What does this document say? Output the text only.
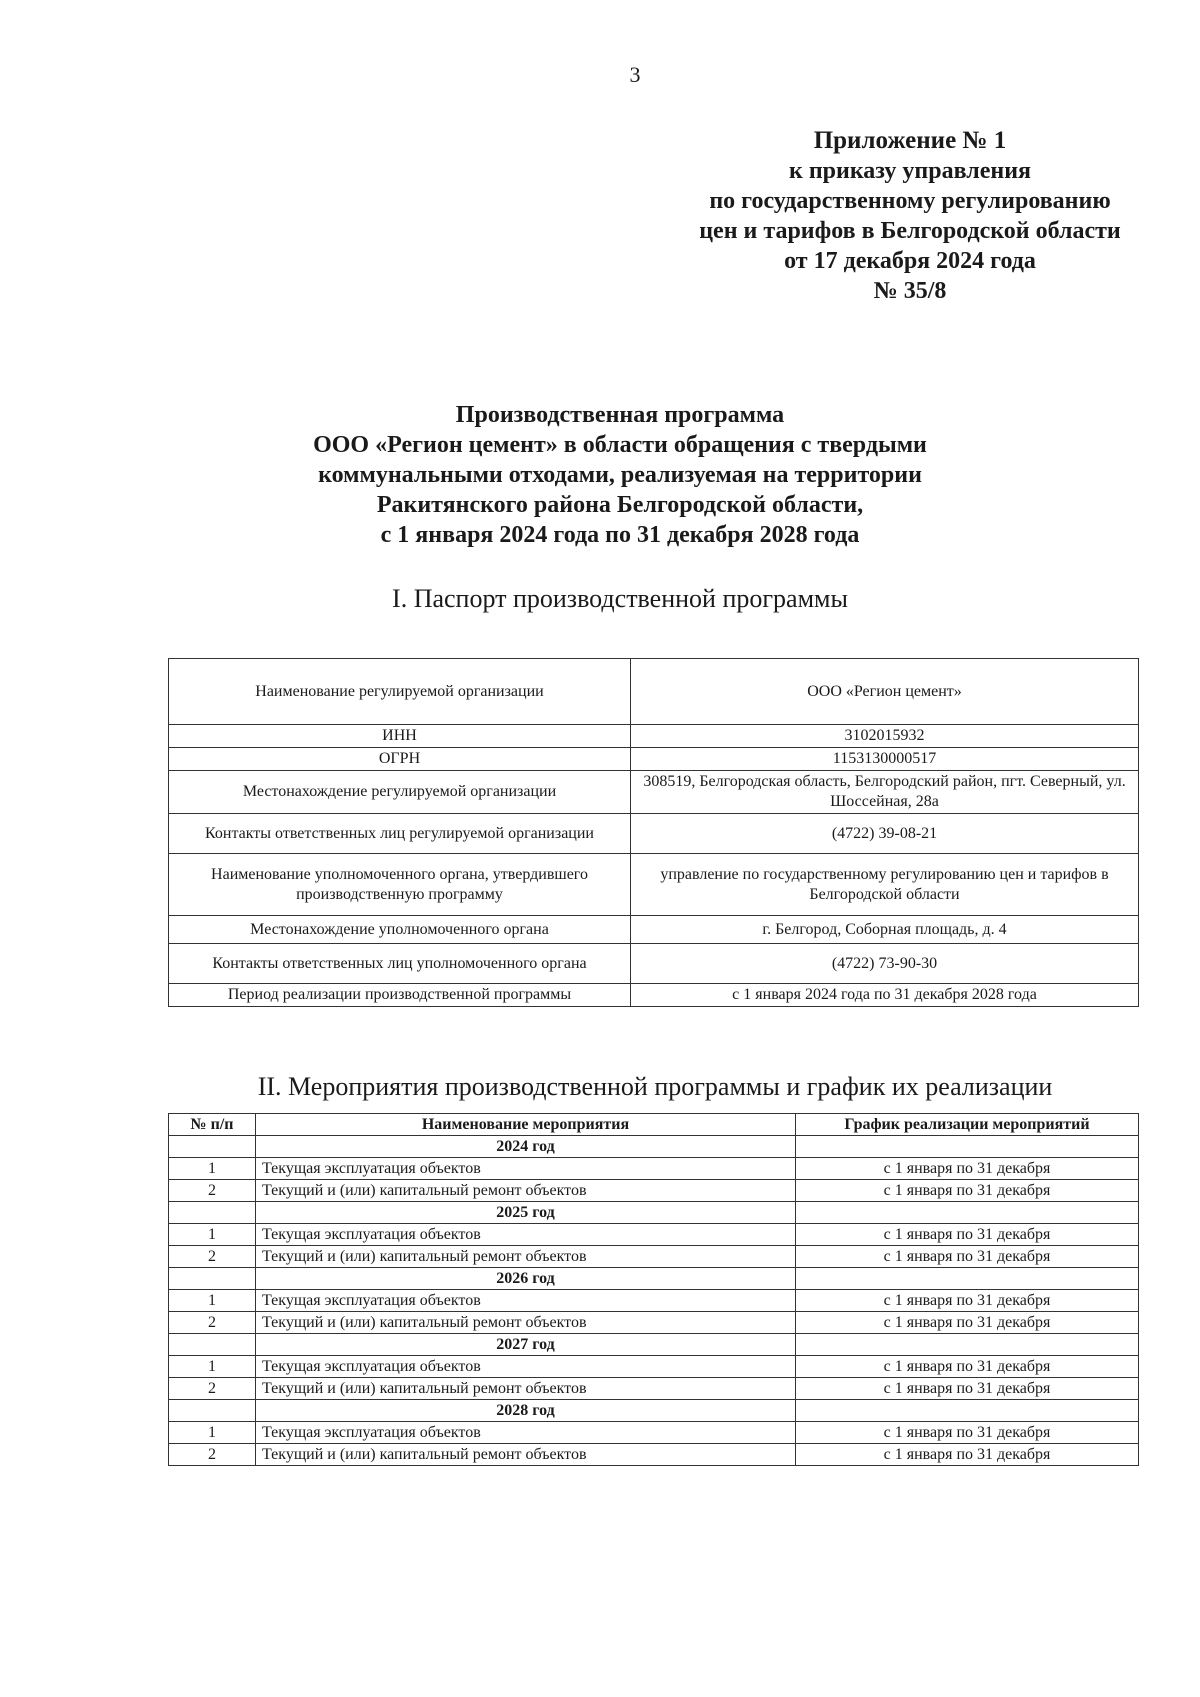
3
Приложение № 1
к приказу управления
по государственному регулированию
цен и тарифов в Белгородской области
от 17 декабря 2024 года
№ 35/8
Производственная программа
ООО «Регион цемент» в области обращения с твердыми
коммунальными отходами, реализуемая на территории
Ракитянского района Белгородской области,
с 1 января 2024 года по 31 декабря 2028 года
I. Паспорт производственной программы
Наименование регулируемой организации	ООО «Регион цемент»
ИНН	3102015932
ОГРН	1153130000517
Местонахождение регулируемой организации	308519, Белгородская область, Белгородский район, пгт. Северный, ул. Шоссейная, 28а
Контакты ответственных лиц регулируемой организации	(4722) 39-08-21
Наименование уполномоченного органа, утвердившего производственную программу	управление по государственному регулированию цен и тарифов в Белгородской области
Местонахождение уполномоченного органа	г. Белгород, Соборная площадь, д. 4
Контакты ответственных лиц уполномоченного органа	(4722) 73-90-30
Период реализации производственной программы	с 1 января 2024 года по 31 декабря 2028 года
II. Мероприятия производственной программы и график их реализации
№ п/п	Наименование мероприятия	График реализации мероприятий
	2024 год	
1	Текущая эксплуатация объектов	с 1 января по 31 декабря
2	Текущий и (или) капитальный ремонт объектов	с 1 января по 31 декабря
	2025 год	
1	Текущая эксплуатация объектов	с 1 января по 31 декабря
2	Текущий и (или) капитальный ремонт объектов	с 1 января по 31 декабря
	2026 год	
1	Текущая эксплуатация объектов	с 1 января по 31 декабря
2	Текущий и (или) капитальный ремонт объектов	с 1 января по 31 декабря
	2027 год	
1	Текущая эксплуатация объектов	с 1 января по 31 декабря
2	Текущий и (или) капитальный ремонт объектов	с 1 января по 31 декабря
	2028 год	
1	Текущая эксплуатация объектов	с 1 января по 31 декабря
2	Текущий и (или) капитальный ремонт объектов	с 1 января по 31 декабря
